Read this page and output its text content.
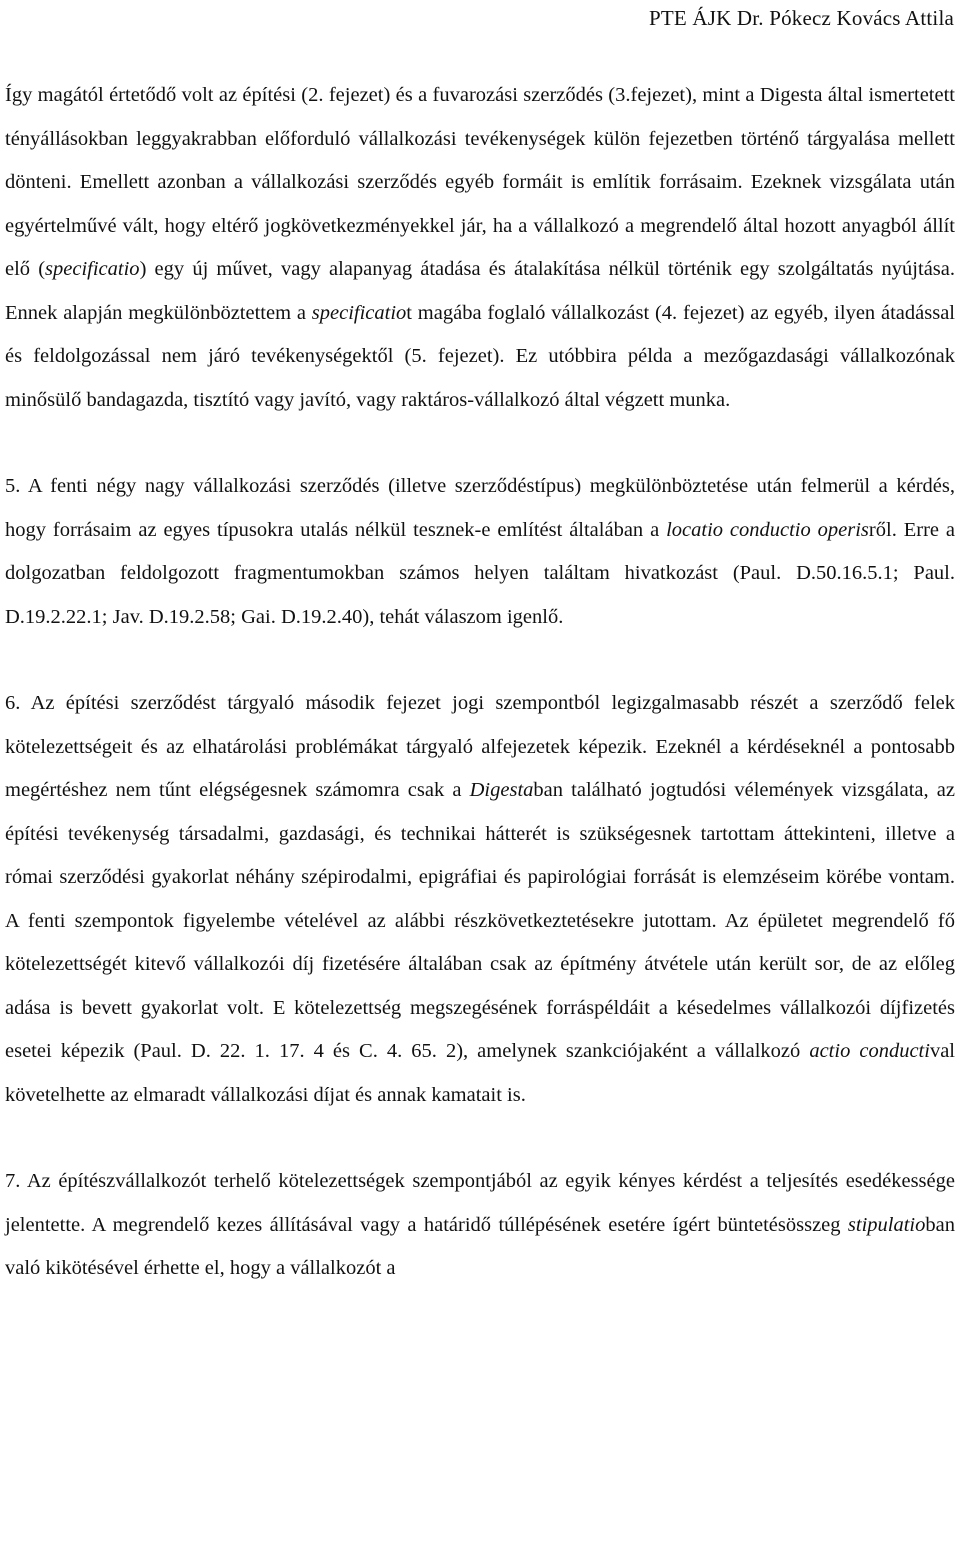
PTE ÁJK Dr. Pókecz Kovács Attila

Így magától értetődő volt az építési (2. fejezet) és a fuvarozási szerződés (3.fejezet), mint a Digesta által ismertetett tényállásokban leggyakrabban előforduló vállalkozási tevékenységek külön fejezetben történő tárgyalása mellett dönteni. Emellett azonban a vállalkozási szerződés egyéb formáit is említik forrásaim. Ezeknek vizsgálata után egyértelművé vált, hogy eltérő jogkövetkezményekkel jár, ha a vállalkozó a megrendelő által hozott anyagból állít elő (specificatio) egy új művet, vagy alapanyag átadása és átalakítása nélkül történik egy szolgáltatás nyújtása. Ennek alapján megkülönböztettem a specificatiot magába foglaló vállalkozást (4. fejezet) az egyéb, ilyen átadással és feldolgozással nem járó tevékenységektől (5. fejezet). Ez utóbbira példa a mezőgazdasági vállalkozónak minősülő bandagazda, tisztító vagy javító, vagy raktáros-vállalkozó által végzett munka.

5. A fenti négy nagy vállalkozási szerződés (illetve szerződéstípus) megkülönböztetése után felmerül a kérdés, hogy forrásaim az egyes típusokra utalás nélkül tesznek-e említést általában a locatio conductio operisről. Erre a dolgozatban feldolgozott fragmentumokban számos helyen találtam hivatkozást (Paul. D.50.16.5.1; Paul. D.19.2.22.1; Jav. D.19.2.58; Gai. D.19.2.40), tehát válaszom igenlő.

6. Az építési szerződést tárgyaló második fejezet jogi szempontból legizgalmasabb részét a szerződő felek kötelezettségeit és az elhatárolási problémákat tárgyaló alfejezetek képezik. Ezeknél a kérdéseknél a pontosabb megértéshez nem tűnt elégségesnek számomra csak a Digestaban található jogtudósi vélemények vizsgálata, az építési tevékenység társadalmi, gazdasági, és technikai hátterét is szükségesnek tartottam áttekinteni, illetve a római szerződési gyakorlat néhány szépirodalmi, epigráfiai és papirológiai forrását is elemzéseim körébe vontam. A fenti szempontok figyelembe vételével az alábbi részkövetkeztetésekre jutottam. Az épületet megrendelő fő kötelezettségét kitevő vállalkozói díj fizetésére általában csak az építmény átvétele után került sor, de az előleg adása is bevett gyakorlat volt. E kötelezettség megszegésének forráspéldáit a késedelmes vállalkozói díjfizetés esetei képezik (Paul. D. 22. 1. 17. 4 és C. 4. 65. 2), amelynek szankciójaként a vállalkozó actio conductival követelhette az elmaradt vállalkozási díjat és annak kamatait is.

7. Az építészvállalkozót terhelő kötelezettségek szempontjából az egyik kényes kérdést a teljesítés esedékessége jelentette. A megrendelő kezes állításával vagy a határidő túllépésének esetére ígért büntetésösszeg stipulatioban való kikötésével érhette el, hogy a vállalkozót a
